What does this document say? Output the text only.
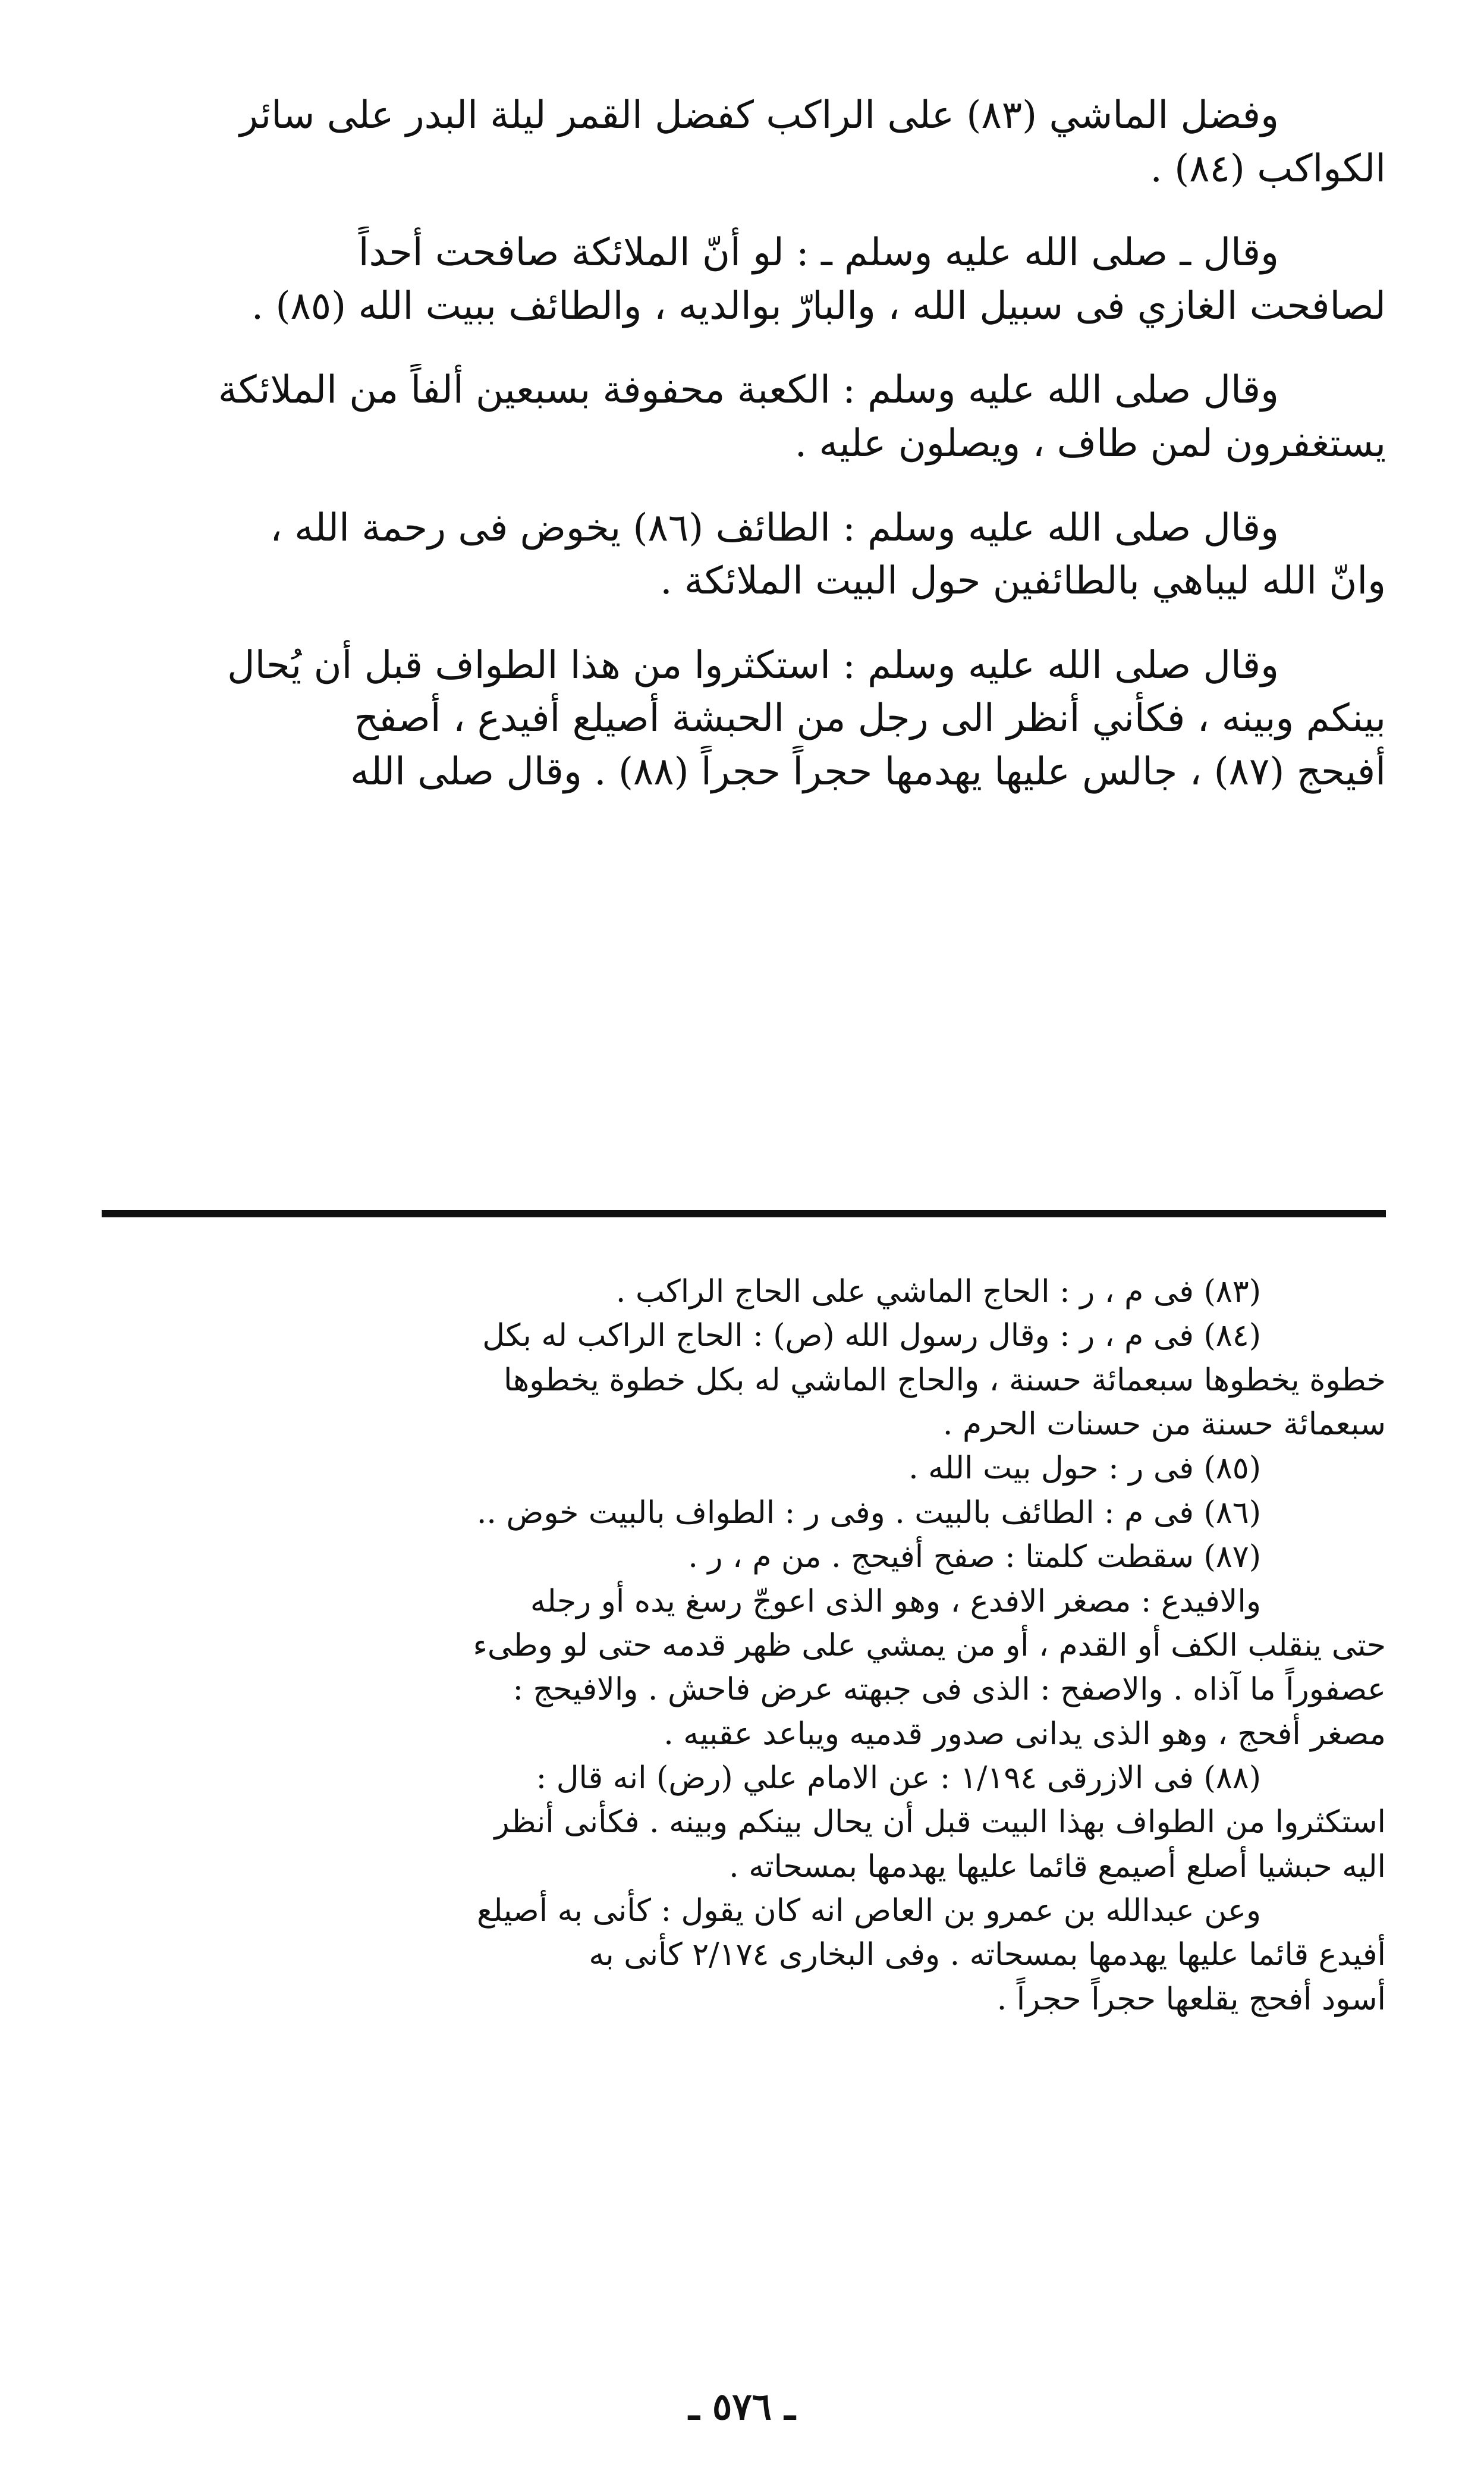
وفضل الماشي (٨٣) على الراكب كفضل القمر ليلة البدر على سائر
الكواكب (٨٤) .
وقال ـ صلى الله عليه وسلم ـ : لو أنّ الملائكة صافحت أحداً
لصافحت الغازي فى سبيل الله ، والبارّ بوالديه ، والطائف ببيت الله (٨٥) .
وقال صلى الله عليه وسلم : الكعبة محفوفة بسبعين ألفاً من الملائكة
يستغفرون لمن طاف ، ويصلون عليه .
وقال صلى الله عليه وسلم : الطائف (٨٦) يخوض فى رحمة الله ،
وانّ الله ليباهي بالطائفين حول البيت الملائكة .
وقال صلى الله عليه وسلم : استكثروا من هذا الطواف قبل أن يُحال
بينكم وبينه ، فكأني أنظر الى رجل من الحبشة أصيلع أفيدع ، أصفح
أفيحج (٨٧) ، جالس عليها يهدمها حجراً حجراً (٨٨) . وقال صلى الله
(٨٣) فى م ، ر : الحاج الماشي على الحاج الراكب .
(٨٤) فى م ، ر : وقال رسول الله (ص) : الحاج الراكب له بكل
خطوة يخطوها سبعمائة حسنة ، والحاج الماشي له بكل خطوة يخطوها
سبعمائة حسنة من حسنات الحرم .
(٨٥) فى ر : حول بيت الله .
(٨٦) فى م : الطائف بالبيت . وفى ر : الطواف بالبيت خوض ..
(٨٧) سقطت كلمتا : صفح أفيحج . من م ، ر .
والافيدع : مصغر الافدع ، وهو الذى اعوجّ رسغ يده أو رجله
حتى ينقلب الكف أو القدم ، أو من يمشي على ظهر قدمه حتى لو وطىء
عصفوراً ما آذاه . والاصفح : الذى فى جبهته عرض فاحش . والافيحج :
مصغر أفحج ، وهو الذى يدانى صدور قدميه ويباعد عقبيه .
(٨٨) فى الازرقى ١/١٩٤ : عن الامام علي (رض) انه قال :
استكثروا من الطواف بهذا البيت قبل أن يحال بينكم وبينه . فكأنى أنظر
اليه حبشيا أصلع أصيمع قائما عليها يهدمها بمسحاته .
وعن عبدالله بن عمرو بن العاص انه كان يقول : كأنى به أصيلع
أفيدع قائما عليها يهدمها بمسحاته . وفى البخارى ٢/١٧٤ كأنى به
أسود أفحج يقلعها حجراً حجراً .
ـ ٥٧٦ ـ
